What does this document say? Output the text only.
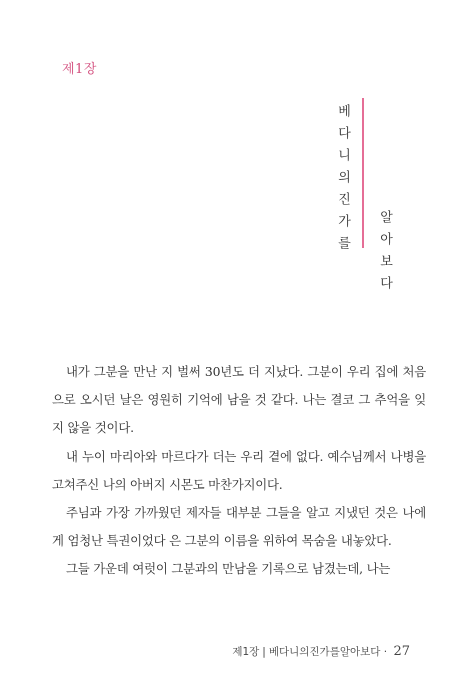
제1장
베다니의진가를 알아보다

내가 그분을 만난 지 벌써 30년도 더 지났다. 그분이 우리 집에 처음으로 오시던 날은 영원히 기억에 남을 것 같다. 나는 결코 그 추억을 잊지 않을 것이다.

내 누이 마리아와 마르다가 더는 우리 곁에 없다. 예수님께서 나병을 고쳐주신 나의 아버지 시몬도 마찬가지이다.

주님과 가장 가까웠던 제자들 대부분 그들을 알고 지냈던 것은 나에게 엄청난 특권이었다 은 그분의 이름을 위하여 목숨을 내놓았다.

그들 가운데 여럿이 그분과의 만남을 기록으로 남겼는데, 나는

제1장 | 베다니의진가를알아보다 · 27
